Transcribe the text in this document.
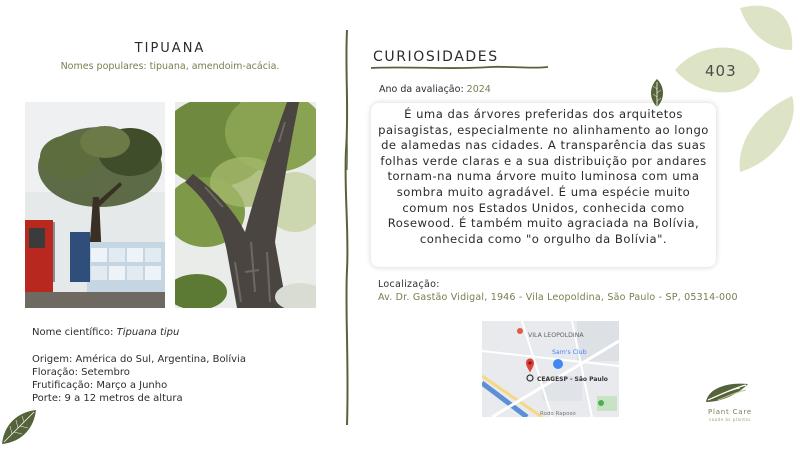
TIPUANA
Nomes populares: tipuana, amendoim-acácia.
Nome científico: Tipuana tipu
Origem: América do Sul, Argentina, Bolívia
Floração: Setembro
Frutificação: Março a Junho
Porte: 9 a 12 metros de altura
CURIOSIDADES
Ano da avaliação: 2024
É uma das árvores preferidas dos arquitetos paisagistas, especialmente no alinhamento ao longo de alamedas nas cidades. A transparência das suas folhas verde claras e a sua distribuição por andares tornam-na numa árvore muito luminosa com uma sombra muito agradável. É uma espécie muito comum nos Estados Unidos, conhecida como Rosewood. É também muito agraciada na Bolívia, conhecida como "o orgulho da Bolívia".
Localização:
Av. Dr. Gastão Vidigal, 1946 - Vila Leopoldina, São Paulo - SP, 05314-000
VILA LEOPOLDINA
Sam's Club
CEAGESP - São Paulo
Rodo Raposo
403
Plant Care
saúde às plantas
